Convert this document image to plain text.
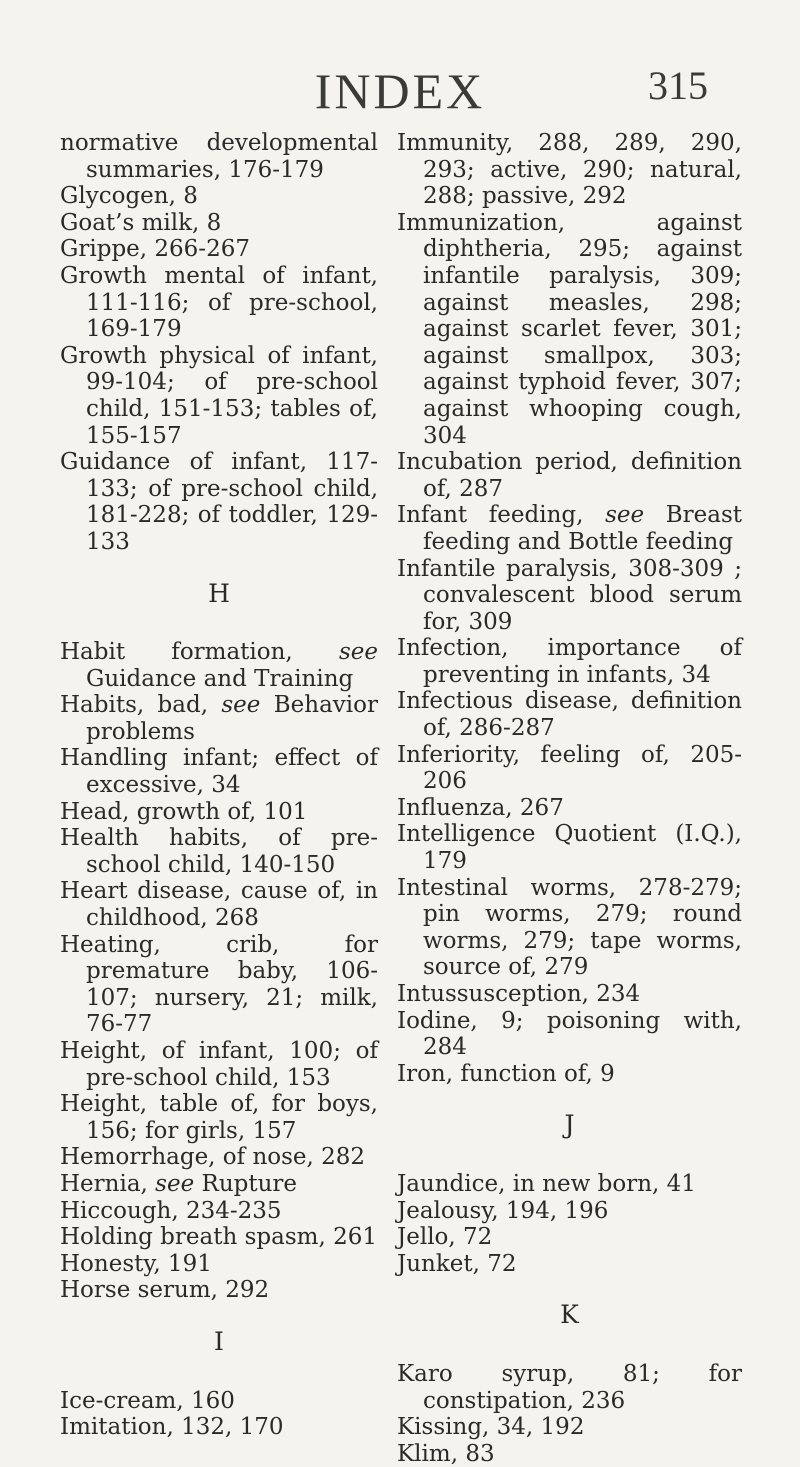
INDEX	315

normative developmental summaries, 176-179

Glycogen, 8

Goat’s milk, 8

Grippe, 266-267

Growth mental of infant, 111-116; of pre-school, 169-179

Growth physical of infant, 99-104; of pre-school child, 151-153; tables of, 155-157

Guidance of infant, 117-133; of pre-school child, 181-228; of toddler, 129-133

H

Habit formation, see Guidance and Training

Habits, bad, see Behavior problems

Handling infant; effect of excessive, 34

Head, growth of, 101

Health habits, of pre-school child, 140-150

Heart disease, cause of, in childhood, 268

Heating, crib, for premature baby, 106-107; nursery, 21; milk, 76-77

Height, of infant, 100; of pre-school child, 153

Height, table of, for boys, 156; for girls, 157

Hemorrhage, of nose, 282

Hernia, see Rupture

Hiccough, 234-235

Holding breath spasm, 261

Honesty, 191

Horse serum, 292

I

Ice-cream, 160

Imitation, 132, 170

Immunity, 288, 289, 290, 293; active, 290; natural, 288; passive, 292

Immunization, against diphtheria, 295; against infantile paralysis, 309; against measles, 298; against scarlet fever, 301; against smallpox, 303; against typhoid fever, 307; against whooping cough, 304

Incubation period, definition of, 287

Infant feeding, see Breast feeding and Bottle feeding

Infantile paralysis, 308-309 ; convalescent blood serum for, 309

Infection, importance of preventing in infants, 34

Infectious disease, definition of, 286-287

Inferiority, feeling of, 205-206

Influenza, 267

Intelligence Quotient (I.Q.), 179

Intestinal worms, 278-279; pin worms, 279; round worms, 279; tape worms, source of, 279

Intussusception, 234

Iodine, 9; poisoning with, 284

Iron, function of, 9

J

Jaundice, in new born, 41

Jealousy, 194, 196

Jello, 72

Junket, 72

K

Karo syrup, 81; for constipation, 236

Kissing, 34, 192

Klim, 83
